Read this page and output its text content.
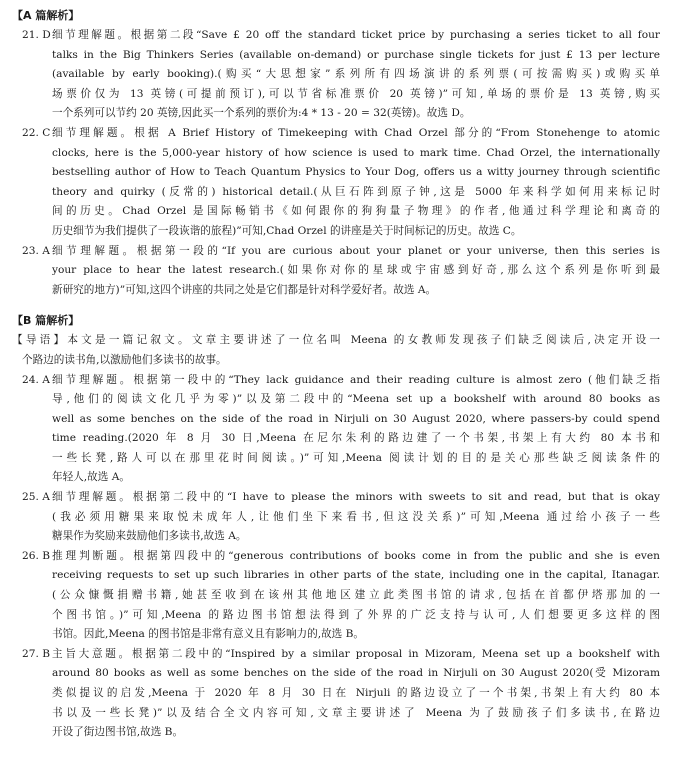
【A 篇解析】
21. D 细节理解题。根据第二段“Save £ 20 off the standard ticket price by purchasing a series ticket to all four
talks in the Big Thinkers Series (available on-demand) or purchase single tickets for just £ 13 per lecture
(available by early booking).(购买“大思想家”系列所有四场演讲的系列票(可按需购买)或购买单
场票价仅为 13 英镑(可提前预订),可以节省标准票价 20 英镑)”可知,单场的票价是 13 英镑,购买
一个系列可以节约 20 英镑,因此买一个系列的票价为:4 * 13 - 20 = 32(英镑)。故选 D。
22. C 细节理解题。根据 A Brief History of Timekeeping with Chad Orzel 部分的“From Stonehenge to atomic
clocks, here is the 5,000-year history of how science is used to mark time. Chad Orzel, the internationally
bestselling author of How to Teach Quantum Physics to Your Dog, offers us a witty journey through scientific
theory and quirky (反常的) historical detail.(从巨石阵到原子钟,这是 5000 年来科学如何用来标记时
间的历史。Chad Orzel 是国际畅销书《如何跟你的狗狗量子物理》的作者,他通过科学理论和离奇的
历史细节为我们提供了一段诙谐的旅程)”可知,Chad Orzel 的讲座是关于时间标记的历史。故选 C。
23. A 细节理解题。根据第一段的“If you are curious about your planet or your universe, then this series is
your place to hear the latest research.(如果你对你的星球或宇宙感到好奇,那么这个系列是你听到最
新研究的地方)”可知,这四个讲座的共同之处是它们都是针对科学爱好者。故选 A。
【B 篇解析】
【导语】本文是一篇记叙文。文章主要讲述了一位名叫 Meena 的女教师发现孩子们缺乏阅读后,决定开设一
个路边的读书角,以激励他们多读书的故事。
24. A 细节理解题。根据第一段中的“They lack guidance and their reading culture is almost zero (他们缺乏指
导,他们的阅读文化几乎为零)”以及第二段中的“Meena set up a bookshelf with around 80 books as
well as some benches on the side of the road in Nirjuli on 30 August 2020, where passers-by could spend
time reading.(2020 年 8 月 30 日,Meena 在尼尔朱利的路边建了一个书架,书架上有大约 80 本书和
一些长凳,路人可以在那里花时间阅读。)”可知,Meena 阅读计划的目的是关心那些缺乏阅读条件的
年轻人,故选 A。
25. A 细节理解题。根据第二段中的“I have to please the minors with sweets to sit and read, but that is okay
(我必须用糖果来取悦未成年人,让他们坐下来看书,但这没关系)”可知,Meena 通过给小孩子一些
糖果作为奖励来鼓励他们多读书,故选 A。
26. B 推理判断题。根据第四段中的“generous contributions of books come in from the public and she is even
receiving requests to set up such libraries in other parts of the state, including one in the capital, Itanagar.
(公众慷慨捐赠书籍,她甚至收到在该州其他地区建立此类图书馆的请求,包括在首都伊塔那加的一
个图书馆。)”可知,Meena 的路边图书馆想法得到了外界的广泛支持与认可,人们想要更多这样的图
书馆。因此,Meena 的图书馆是非常有意义且有影响力的,故选 B。
27. B 主旨大意题。根据第二段中的“Inspired by a similar proposal in Mizoram, Meena set up a bookshelf with
around 80 books as well as some benches on the side of the road in Nirjuli on 30 August 2020(受 Mizoram
类似提议的启发,Meena 于 2020 年 8 月 30 日在 Nirjuli 的路边设立了一个书架,书架上有大约 80 本
书以及一些长凳)”以及结合全文内容可知,文章主要讲述了 Meena 为了鼓励孩子们多读书,在路边
开设了街边图书馆,故选 B。
